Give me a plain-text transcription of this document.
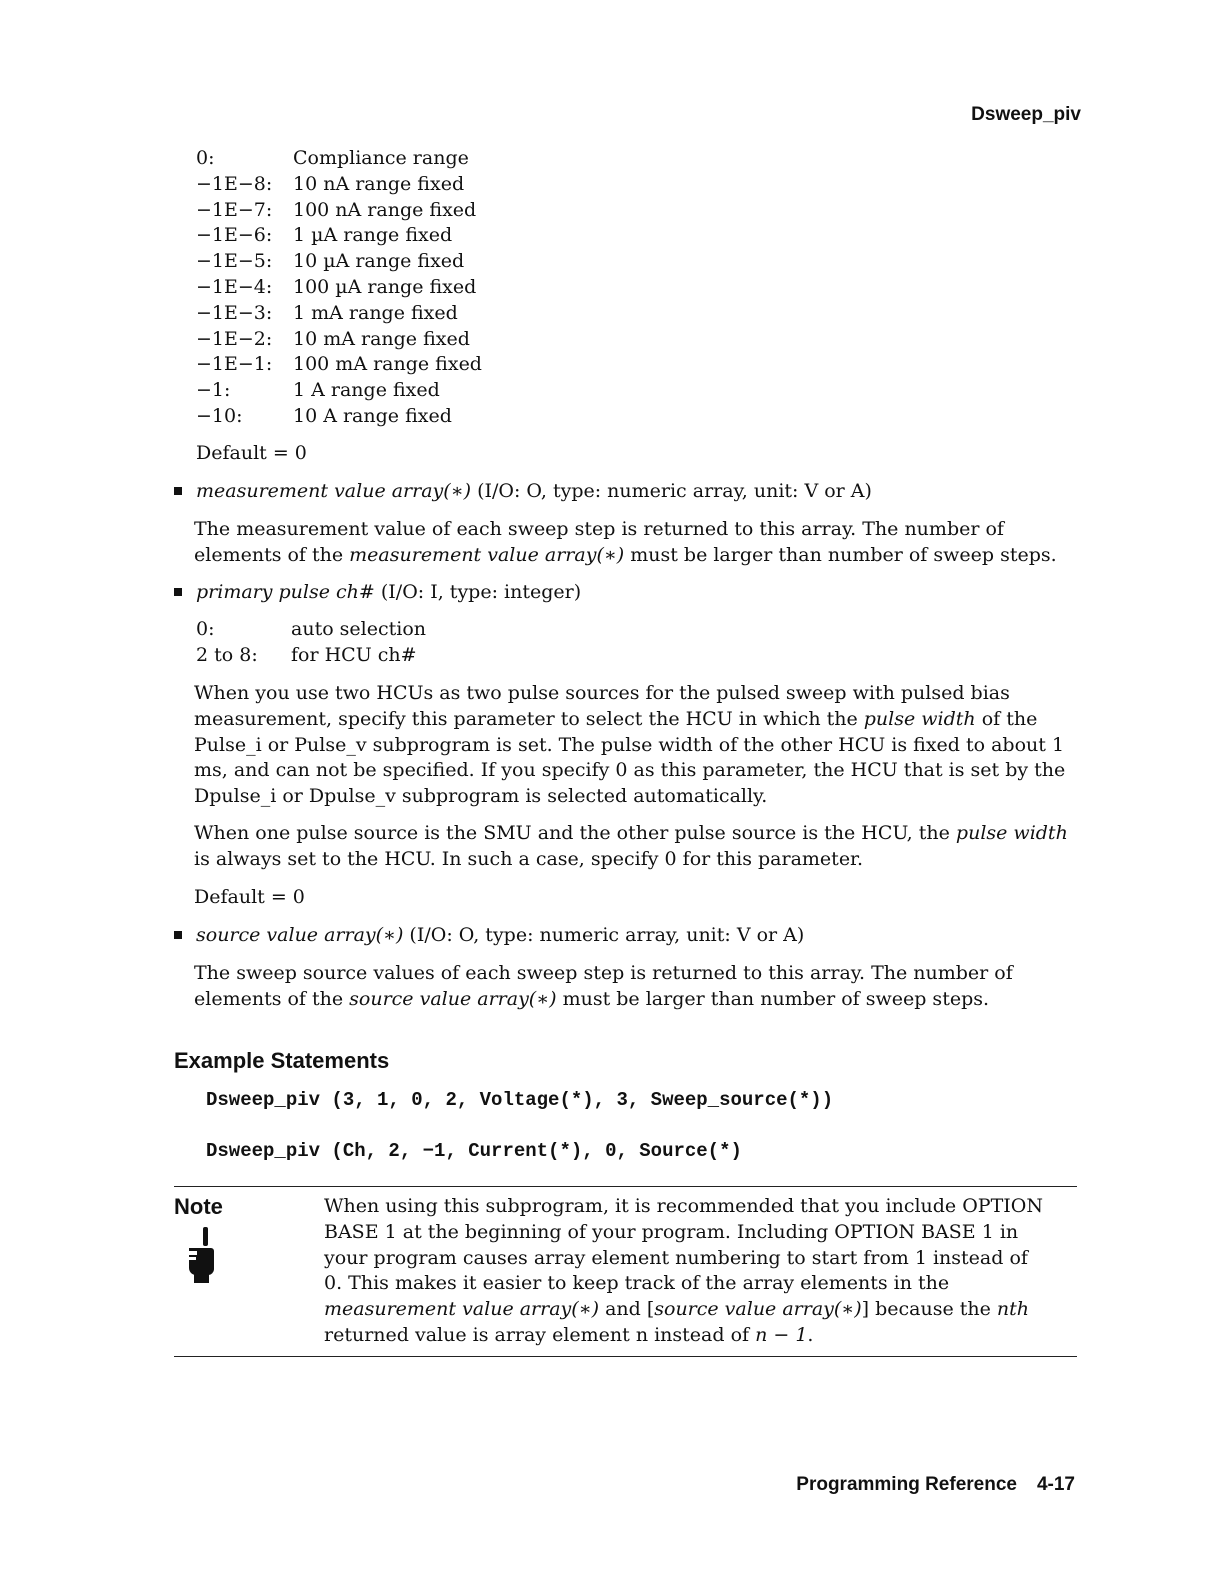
Dsweep_piv
0:	Compliance range
−1E−8:	10 nA range fixed
−1E−7:	100 nA range fixed
−1E−6:	1 µA range fixed
−1E−5:	10 µA range fixed
−1E−4:	100 µA range fixed
−1E−3:	1 mA range fixed
−1E−2:	10 mA range fixed
−1E−1:	100 mA range fixed
−1:	1 A range fixed
−10:	10 A range fixed
Default = 0
measurement value array(∗) (I/O: O, type: numeric array, unit: V or A)
The measurement value of each sweep step is returned to this array. The number of elements of the measurement value array(∗) must be larger than number of sweep steps.
primary pulse ch# (I/O: I, type: integer)
0:	auto selection
2 to 8:	for HCU ch#
When you use two HCUs as two pulse sources for the pulsed sweep with pulsed bias measurement, specify this parameter to select the HCU in which the pulse width of the Pulse_i or Pulse_v subprogram is set. The pulse width of the other HCU is fixed to about 1 ms, and can not be specified. If you specify 0 as this parameter, the HCU that is set by the Dpulse_i or Dpulse_v subprogram is selected automatically.
When one pulse source is the SMU and the other pulse source is the HCU, the pulse width is always set to the HCU. In such a case, specify 0 for this parameter.
Default = 0
source value array(∗) (I/O: O, type: numeric array, unit: V or A)
The sweep source values of each sweep step is returned to this array. The number of elements of the source value array(∗) must be larger than number of sweep steps.
Example Statements
Dsweep_piv (3, 1, 0, 2, Voltage(*), 3, Sweep_source(*))
Dsweep_piv (Ch, 2, −1, Current(*), 0, Source(*)
Note	When using this subprogram, it is recommended that you include OPTION BASE 1 at the beginning of your program. Including OPTION BASE 1 in your program causes array element numbering to start from 1 instead of 0. This makes it easier to keep track of the array elements in the measurement value array(∗) and [source value array(∗)] because the nth returned value is array element n instead of n − 1.
Programming Reference 4-17
